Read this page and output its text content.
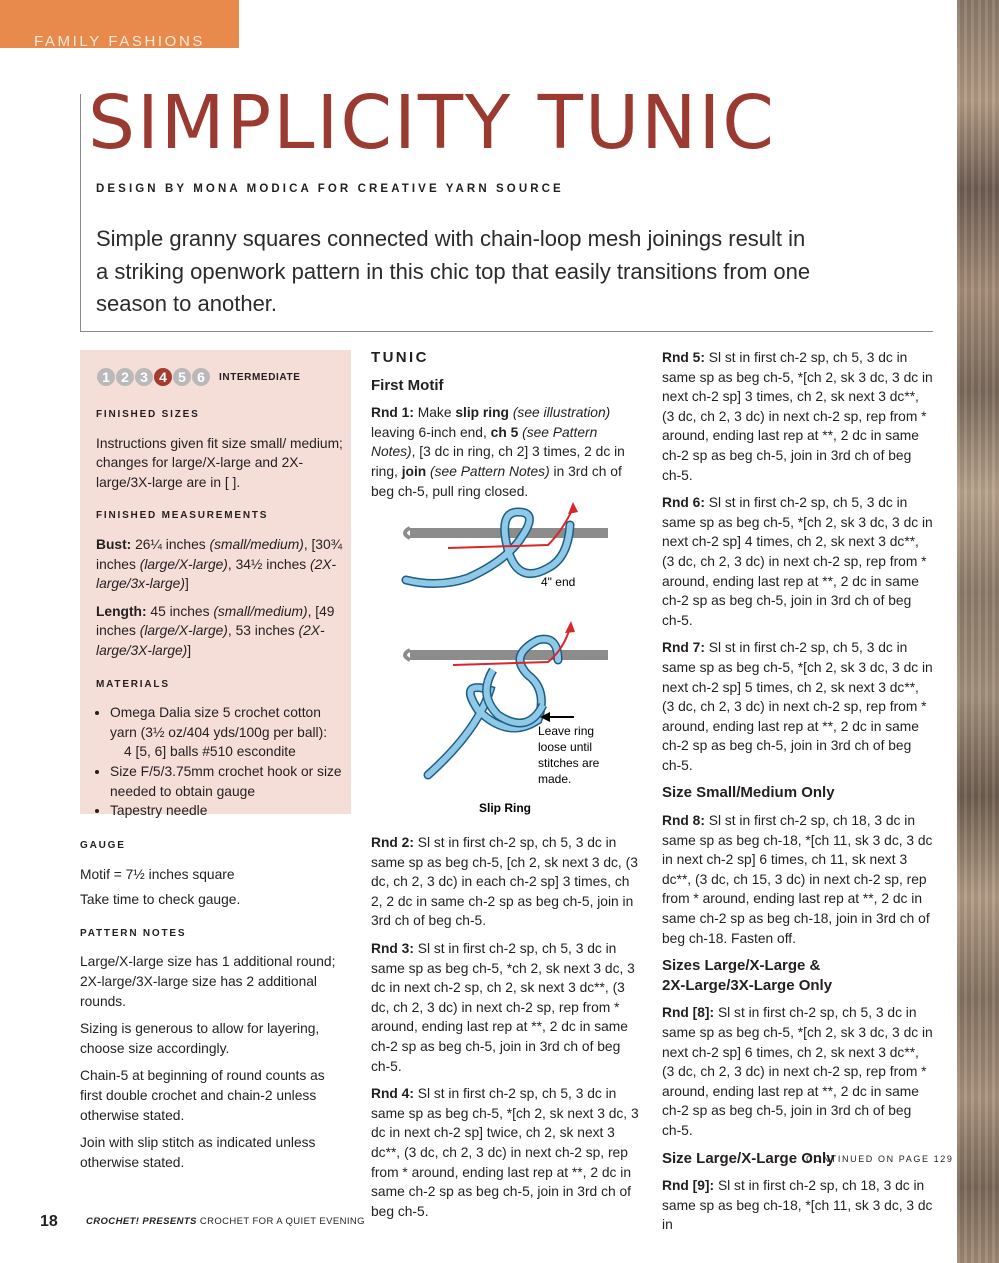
FAMILY FASHIONS
SIMPLICITY TUNIC
DESIGN BY MONA MODICA FOR CREATIVE YARN SOURCE
Simple granny squares connected with chain-loop mesh joinings result in a striking openwork pattern in this chic top that easily transitions from one season to another.
1 2 3 4 5 6	INTERMEDIATE
FINISHED SIZES

Instructions given fit size small/ medium; changes for large/X-large and 2X-large/3X-large are in [ ].

FINISHED MEASUREMENTS

Bust: 26¼ inches (small/medium), [30¾ inches (large/X-large), 34½ inches (2X-large/3x-large)]

Length: 45 inches (small/medium), [49 inches (large/X-large), 53 inches (2X-large/3X-large)]

MATERIALS
• Omega Dalia size 5 crochet cotton yarn (3½ oz/404 yds/100g per ball):
4 [5, 6] balls #510 escondite
• Size F/5/3.75mm crochet hook or size needed to obtain gauge
• Tapestry needle
GAUGE

Motif = 7½ inches square

Take time to check gauge.

PATTERN NOTES

Large/X-large size has 1 additional round; 2X-large/3X-large size has 2 additional rounds.

Sizing is generous to allow for layering, choose size accordingly.

Chain-5 at beginning of round counts as first double crochet and chain-2 unless otherwise stated.

Join with slip stitch as indicated unless otherwise stated.

TUNIC
First Motif

Rnd 1: Make slip ring (see illustration) leaving 6-inch end, ch 5 (see Pattern Notes), [3 dc in ring, ch 2] 3 times, 2 dc in ring, join (see Pattern Notes) in 3rd ch of beg ch-5, pull ring closed.

4" end
Leave ring
loose until
stitches are
made.
Slip Ring

Rnd 2: Sl st in first ch-2 sp, ch 5, 3 dc in same sp as beg ch-5, [ch 2, sk next 3 dc, (3 dc, ch 2, 3 dc) in each ch-2 sp] 3 times, ch 2, 2 dc in same ch-2 sp as beg ch-5, join in 3rd ch of beg ch-5.

Rnd 3: Sl st in first ch-2 sp, ch 5, 3 dc in same sp as beg ch-5, *ch 2, sk next 3 dc, 3 dc in next ch-2 sp, ch 2, sk next 3 dc**, (3 dc, ch 2, 3 dc) in next ch-2 sp, rep from * around, ending last rep at **, 2 dc in same ch-2 sp as beg ch-5, join in 3rd ch of beg ch-5.

Rnd 4: Sl st in first ch-2 sp, ch 5, 3 dc in same sp as beg ch-5, *[ch 2, sk next 3 dc, 3 dc in next ch-2 sp] twice, ch 2, sk next 3 dc**, (3 dc, ch 2, 3 dc) in next ch-2 sp, rep from * around, ending last rep at **, 2 dc in same ch-2 sp as beg ch-5, join in 3rd ch of beg ch-5.

Rnd 5: Sl st in first ch-2 sp, ch 5, 3 dc in same sp as beg ch-5, *[ch 2, sk 3 dc, 3 dc in next ch-2 sp] 3 times, ch 2, sk next 3 dc**, (3 dc, ch 2, 3 dc) in next ch-2 sp, rep from * around, ending last rep at **, 2 dc in same ch-2 sp as beg ch-5, join in 3rd ch of beg ch-5.

Rnd 6: Sl st in first ch-2 sp, ch 5, 3 dc in same sp as beg ch-5, *[ch 2, sk 3 dc, 3 dc in next ch-2 sp] 4 times, ch 2, sk next 3 dc**, (3 dc, ch 2, 3 dc) in next ch-2 sp, rep from * around, ending last rep at **, 2 dc in same ch-2 sp as beg ch-5, join in 3rd ch of beg ch-5.

Rnd 7: Sl st in first ch-2 sp, ch 5, 3 dc in same sp as beg ch-5, *[ch 2, sk 3 dc, 3 dc in next ch-2 sp] 5 times, ch 2, sk next 3 dc**, (3 dc, ch 2, 3 dc) in next ch-2 sp, rep from * around, ending last rep at **, 2 dc in same ch-2 sp as beg ch-5, join in 3rd ch of beg ch-5.

Size Small/Medium Only

Rnd 8: Sl st in first ch-2 sp, ch 18, 3 dc in same sp as beg ch-18, *[ch 11, sk 3 dc, 3 dc in next ch-2 sp] 6 times, ch 11, sk next 3 dc**, (3 dc, ch 15, 3 dc) in next ch-2 sp, rep from * around, ending last rep at **, 2 dc in same ch-2 sp as beg ch-18, join in 3rd ch of beg ch-18. Fasten off.

Sizes Large/X-Large &
2X-Large/3X-Large Only

Rnd [8]: Sl st in first ch-2 sp, ch 5, 3 dc in same sp as beg ch-5, *[ch 2, sk 3 dc, 3 dc in next ch-2 sp] 6 times, ch 2, sk next 3 dc**, (3 dc, ch 2, 3 dc) in next ch-2 sp, rep from * around, ending last rep at **, 2 dc in same ch-2 sp as beg ch-5, join in 3rd ch of beg ch-5.

Size Large/X-Large Only

Rnd [9]: Sl st in first ch-2 sp, ch 18, 3 dc in same sp as beg ch-18, *[ch 11, sk 3 dc, 3 dc in

CONTINUED ON PAGE 129
18	CROCHET! PRESENTS CROCHET FOR A QUIET EVENING
